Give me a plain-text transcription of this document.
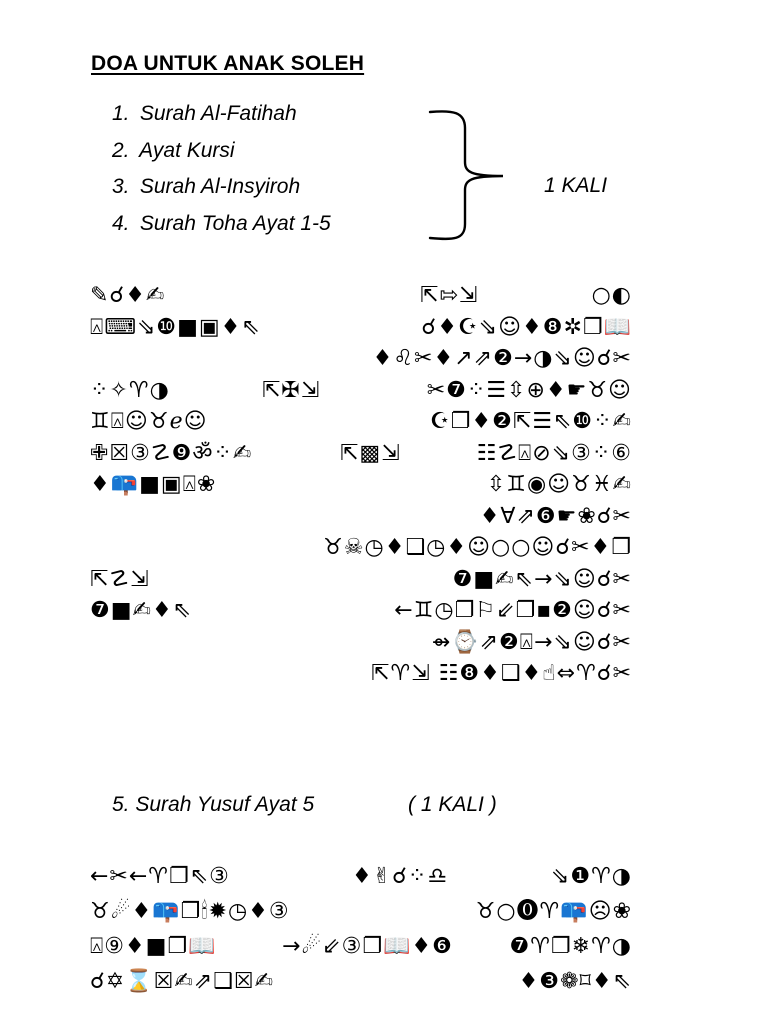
DOA UNTUK ANAK SOLEH
1. Surah Al-Fatihah
2. Ayat Kursi
3. Surah Al-Insyiroh
4. Surah Toha Ayat 1-5
1 KALI
✎☌♦✍	⇱⇰⇲	○◐
⍓⌨⇘❿■▣♦⇖	☌♦☪⇘☺♦❽✲❐📖
♦♌✂♦↗⇗❷→◑⇘☺☌✂
⁘✧♈◑	⇱✠⇲	✂❼⁘☰⇳⊕♦☛♉☺
♊⍓☺♉ℯ☺	☪❐♦❷⇱☰⇖❿⁘✍
✙☒③☡❾ॐ⁘✍	⇱▩⇲	☷☡⍓⊘⇘③⁘⑥
♦📪■▣⍓❀	⇳♊◉☺♉♓✍
♦∀⇗❻☛❀☌✂
♉☠◷♦❑◷♦☺○○☺☌✂♦❐
⇱☡⇲	❼■✍⇖→⇘☺☌✂
❼■✍♦⇖	←♊◷❐⚐⇙❐▪❷☺☌✂
⇴⌚⇗❷⍓→⇘☺☌✂
⇱♈⇲ ☷❽♦❑♦☝⇔♈☌✂
5. Surah Yusuf Ayat 5	( 1 KALI )
←✂←♈❐⇖③	♦✌☌⁘♎	⇘❶♈◑
♉☄♦📪❐🕯✹◷♦③	♉○⓿♈📪☹❀
⍓⑨♦■❐📖	→☄⇙③❐📖♦❻	❼♈❐❄♈◑
☌✡⌛☒✍⇗❑☒✍	♦❸❁⌑♦⇖
